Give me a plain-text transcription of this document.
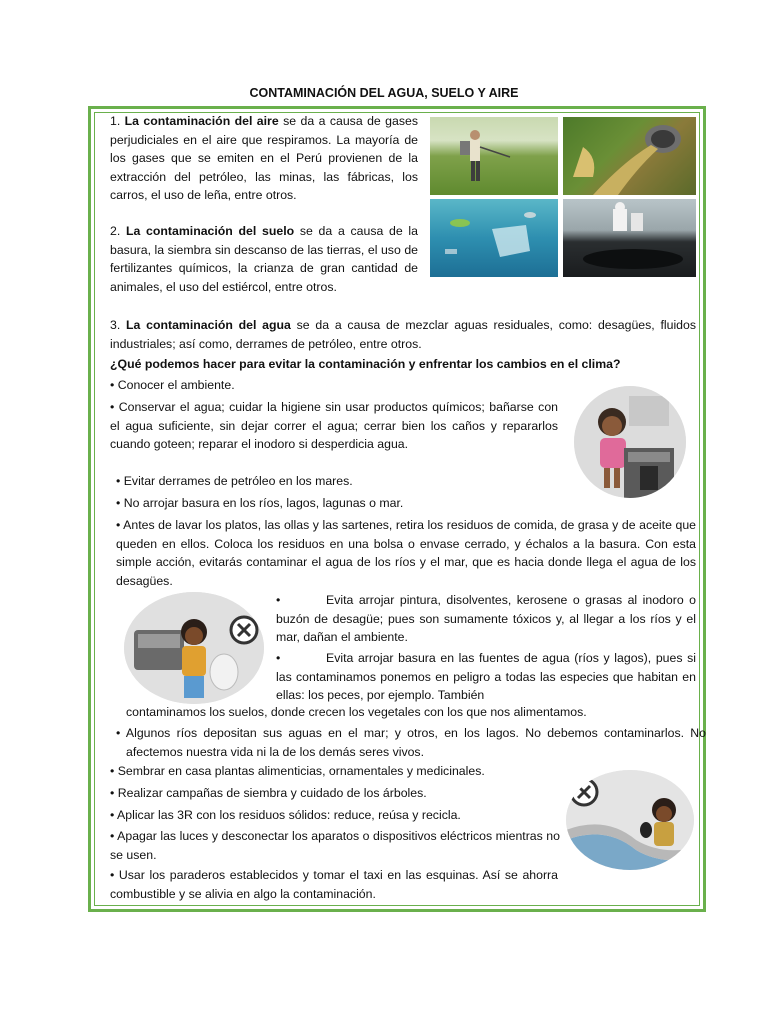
CONTAMINACIÓN DEL AGUA, SUELO Y AIRE
1. La contaminación del aire se da a causa de gases perjudiciales en el aire que respiramos. La mayoría de los gases que se emiten en el Perú provienen de la extracción del petróleo, las minas, las fábricas, los carros, el uso de leña, entre otros.
2. La contaminación del suelo se da a causa de la basura, la siembra sin descanso de las tierras, el uso de fertilizantes químicos, la crianza de gran cantidad de animales, el uso del estiércol, entre otros.
3. La contaminación del agua se da a causa de mezclar aguas residuales, como: desagües, fluidos industriales; así como, derrames de petróleo, entre otros.
¿Qué podemos hacer para evitar la contaminación y enfrentar los cambios en el clima?
• Conocer el ambiente.
• Conservar el agua; cuidar la higiene sin usar productos químicos; bañarse con el agua suficiente, sin dejar correr el agua; cerrar bien los caños y repararlos cuando goteen; reparar el inodoro si desperdicia agua.
• Evitar derrames de petróleo en los mares.
• No arrojar basura en los ríos, lagos, lagunas o mar.
• Antes de lavar los platos, las ollas y las sartenes, retira los residuos de comida, de grasa y de aceite que queden en ellos. Coloca los residuos en una bolsa o envase cerrado, y échalos a la basura. Con esta simple acción, evitarás contaminar el agua de los ríos y el mar, que es hacia donde llega el agua de los desagües.
•	Evita arrojar pintura, disolventes, kerosene o grasas al inodoro o buzón de desagüe; pues son sumamente tóxicos y, al llegar a los ríos y el mar, dañan el ambiente.
•	Evita arrojar basura en las fuentes de agua (ríos y lagos), pues si las contaminamos ponemos en peligro a todas las especies que habitan en ellas: los peces, por ejemplo. También
contaminamos los suelos, donde crecen los vegetales con los que nos alimentamos.
• Algunos ríos depositan sus aguas en el mar; y otros, en los lagos. No debemos contaminarlos. No afectemos nuestra vida ni la de los demás seres vivos.
• Sembrar en casa plantas alimenticias, ornamentales y medicinales.
• Realizar campañas de siembra y cuidado de los árboles.
• Aplicar las 3R con los residuos sólidos: reduce, reúsa y recicla.
• Apagar las luces y desconectar los aparatos o dispositivos eléctricos mientras no se usen.
• Usar los paraderos establecidos y tomar el taxi en las esquinas. Así se ahorra combustible y se alivia en algo la contaminación.
